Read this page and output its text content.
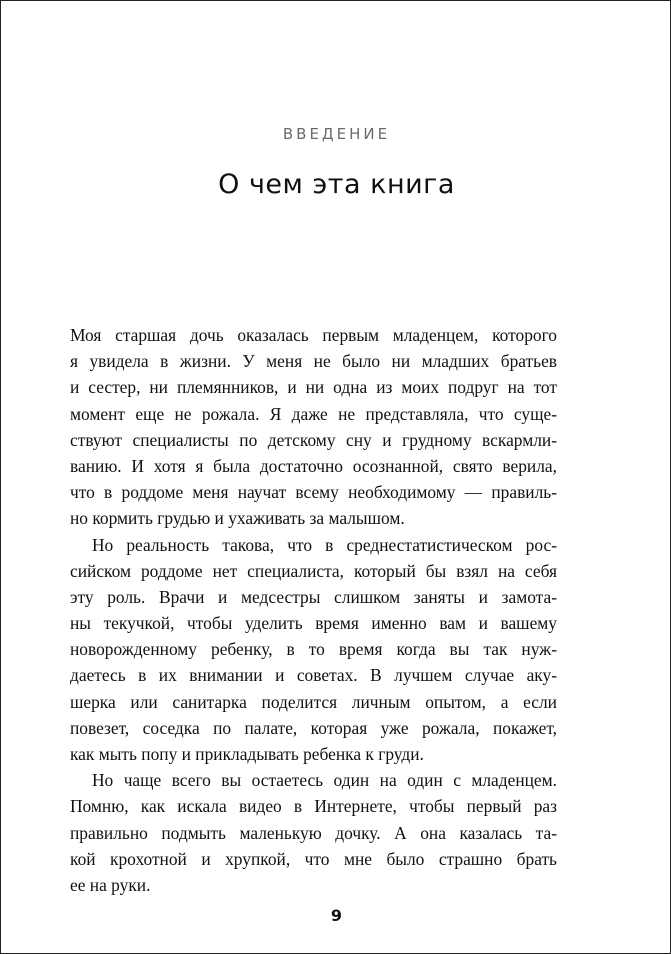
ВВЕДЕНИЕ
О чем эта книга
Моя старшая дочь оказалась первым младенцем, которого
я увидела в жизни. У меня не было ни младших братьев
и сестер, ни племянников, и ни одна из моих подруг на тот
момент еще не рожала. Я даже не представляла, что суще-
ствуют специалисты по детскому сну и грудному вскармли-
ванию. И хотя я была достаточно осознанной, свято верила,
что в роддоме меня научат всему необходимому — правиль-
но кормить грудью и ухаживать за малышом.
Но реальность такова, что в среднестатистическом рос-
сийском роддоме нет специалиста, который бы взял на себя
эту роль. Врачи и медсестры слишком заняты и замота-
ны текучкой, чтобы уделить время именно вам и вашему
новорожденному ребенку, в то время когда вы так нуж-
даетесь в их внимании и советах. В лучшем случае аку-
шерка или санитарка поделится личным опытом, а если
повезет, соседка по палате, которая уже рожала, покажет,
как мыть попу и прикладывать ребенка к груди.
Но чаще всего вы остаетесь один на один с младенцем.
Помню, как искала видео в Интернете, чтобы первый раз
правильно подмыть маленькую дочку. А она казалась та-
кой крохотной и хрупкой, что мне было страшно брать
ее на руки.
9
